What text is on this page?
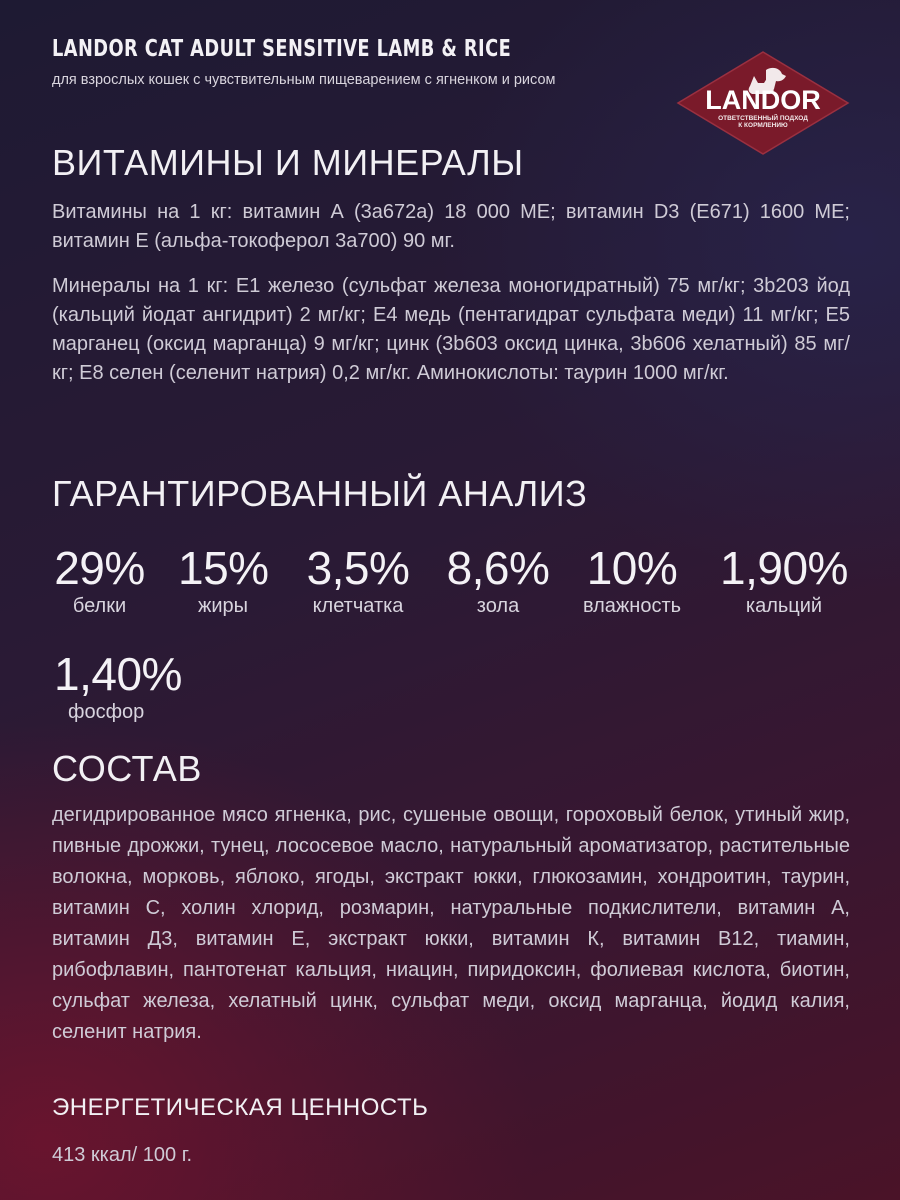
LANDOR CAT ADULT SENSITIVE LAMB & RICE
для взрослых кошек с чувствительным пищеварением с ягненком и рисом
LANDOR
ОТВЕТСТВЕННЫЙ ПОДХОД
К КОРМЛЕНИЮ
ВИТАМИНЫ И МИНЕРАЛЫ

Витамины на 1 кг: витамин А (3а672а) 18 000 МЕ; витамин D3 (Е671) 1600 МЕ; витамин Е (альфа-токоферол 3а700) 90 мг.

Минералы на 1 кг: Е1 железо (сульфат железа моногидратный) 75 мг/кг; 3b203 йод (кальций йодат ангидрит) 2 мг/кг; Е4 медь (пентагидрат сульфата меди) 11 мг/кг; Е5 марганец (оксид марганца) 9 мг/кг; цинк (3b603 оксид цинка, 3b606 хелатный) 85 мг/кг; Е8 селен (селенит натрия) 0,2 мг/кг. Аминокислоты: таурин 1000 мг/кг.

ГАРАНТИРОВАННЫЙ АНАЛИЗ
29%
белки
15%
жиры
3,5%
клетчатка
8,6%
зола
10%
влажность
1,90%
кальций
1,40%
фосфор
СОСТАВ

дегидрированное мясо ягненка, рис, сушеные овощи, гороховый белок, утиный жир, пивные дрожжи, тунец, лососевое масло, натуральный ароматизатор, растительные волокна, морковь, яблоко, ягоды, экстракт юкки, глюкозамин, хондроитин, таурин, витамин С, холин хлорид, розмарин, натуральные подкислители, витамин А, витамин Д3, витамин Е, экстракт юкки, витамин К, витамин В12, тиамин, рибофлавин, пантотенат кальция, ниацин, пиридоксин, фолиевая кислота, биотин, сульфат железа, хелатный цинк, сульфат меди, оксид марганца, йодид калия, селенит натрия.

ЭНЕРГЕТИЧЕСКАЯ ЦЕННОСТЬ

413 ккал/ 100 г.
